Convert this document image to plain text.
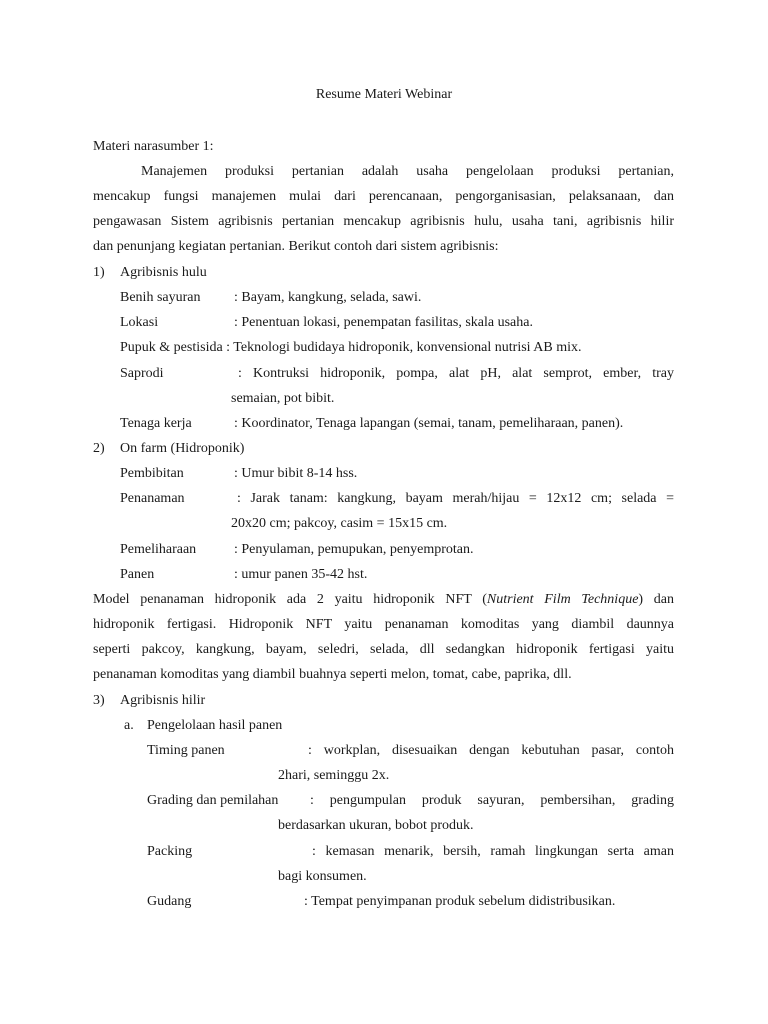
Resume Materi Webinar
Materi narasumber 1:
Manajemen produksi pertanian adalah usaha pengelolaan produksi pertanian,
mencakup fungsi manajemen mulai dari perencanaan, pengorganisasian, pelaksanaan, dan
pengawasan Sistem agribisnis pertanian mencakup agribisnis hulu, usaha tani, agribisnis hilir
dan penunjang kegiatan pertanian. Berikut contoh dari sistem agribisnis:
1) Agribisnis hulu
Benih sayuran : Bayam, kangkung, selada, sawi.
Lokasi	: Penentuan lokasi, penempatan fasilitas, skala usaha.
Pupuk & pestisida : Teknologi budidaya hidroponik, konvensional nutrisi AB mix.
Saprodi	: Kontruksi hidroponik, pompa, alat pH, alat semprot, ember, tray
semaian, pot bibit.
Tenaga kerja	: Koordinator, Tenaga lapangan (semai, tanam, pemeliharaan, panen).
2) On farm (Hidroponik)
Pembibitan	: Umur bibit 8-14 hss.
Penanaman	: Jarak tanam: kangkung, bayam merah/hijau = 12x12 cm; selada =
20x20 cm; pakcoy, casim = 15x15 cm.
Pemeliharaan	: Penyulaman, pemupukan, penyemprotan.
Panen	: umur panen 35-42 hst.
Model penanaman hidroponik ada 2 yaitu hidroponik NFT (Nutrient Film Technique) dan
hidroponik fertigasi. Hidroponik NFT yaitu penanaman komoditas yang diambil daunnya
seperti pakcoy, kangkung, bayam, seledri, selada, dll sedangkan hidroponik fertigasi yaitu
penanaman komoditas yang diambil buahnya seperti melon, tomat, cabe, paprika, dll.
3) Agribisnis hilir
a. Pengelolaan hasil panen
Timing panen	: workplan, disesuaikan dengan kebutuhan pasar, contoh
2hari, seminggu 2x.
Grading dan pemilahan : pengumpulan produk sayuran, pembersihan, grading
berdasarkan ukuran, bobot produk.
Packing	: kemasan menarik, bersih, ramah lingkungan serta aman
bagi konsumen.
Gudang	: Tempat penyimpanan produk sebelum didistribusikan.
